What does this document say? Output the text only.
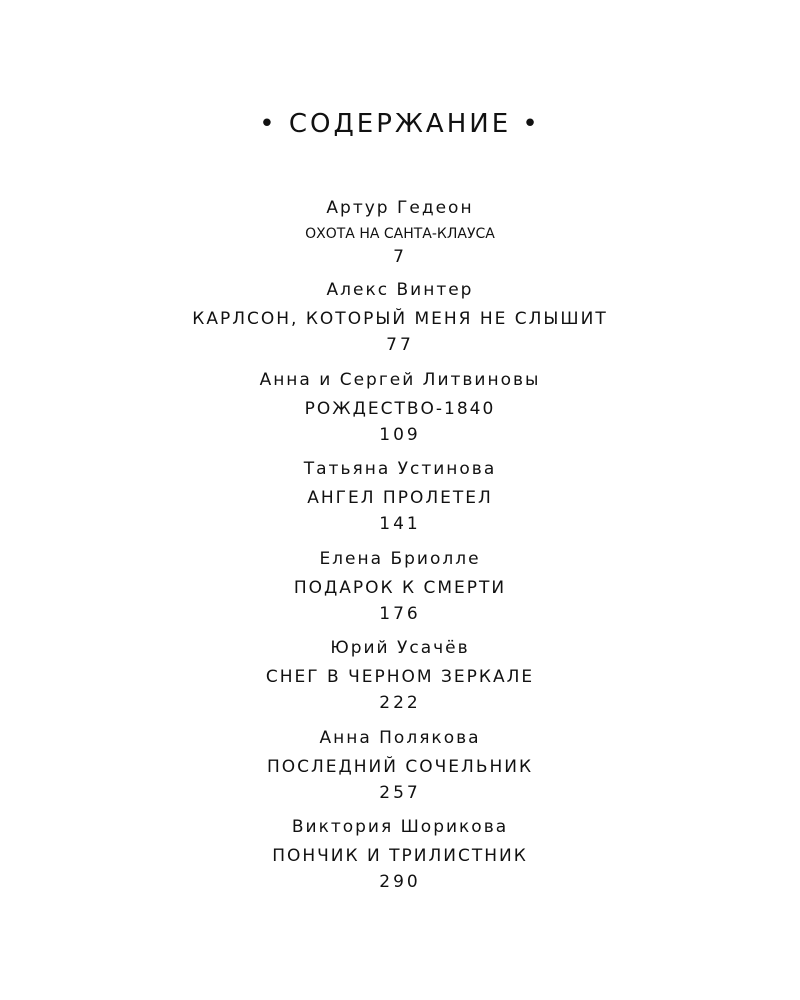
• СОДЕРЖАНИЕ •
Артур Гедеон
ОХОТА НА САНТА-КЛАУСА
7
Алекс Винтер
КАРЛСОН, КОТОРЫЙ МЕНЯ НЕ СЛЫШИТ
77
Анна и Сергей Литвиновы
РОЖДЕСТВО-1840
109
Татьяна Устинова
АНГЕЛ ПРОЛЕТЕЛ
141
Елена Бриолле
ПОДАРОК К СМЕРТИ
176
Юрий Усачёв
СНЕГ В ЧЕРНОМ ЗЕРКАЛЕ
222
Анна Полякова
ПОСЛЕДНИЙ СОЧЕЛЬНИК
257
Виктория Шорикова
ПОНЧИК И ТРИЛИСТНИК
290
